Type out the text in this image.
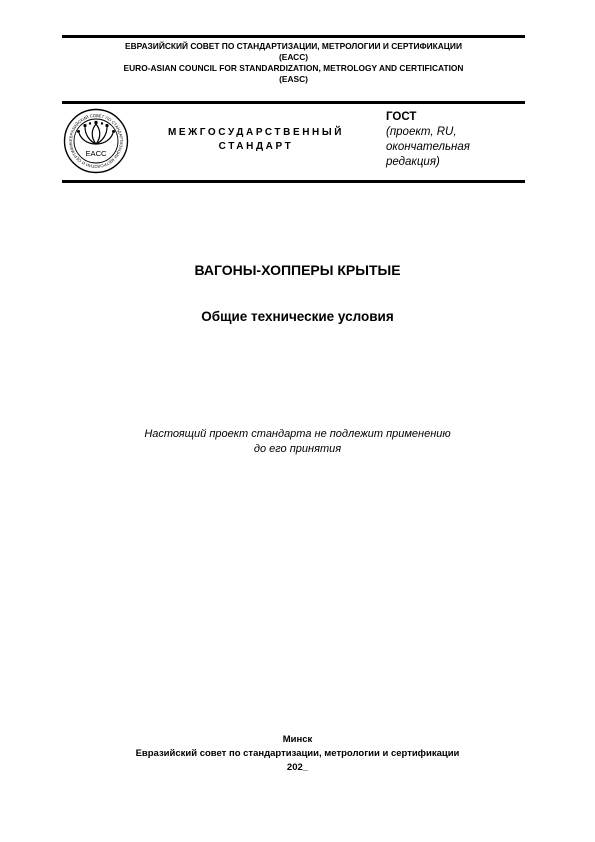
ЕВРАЗИЙСКИЙ СОВЕТ ПО СТАНДАРТИЗАЦИИ, МЕТРОЛОГИИ И СЕРТИФИКАЦИИ
(ЕАСС)
EURO-ASIAN COUNCIL FOR STANDARDIZATION, METROLOGY AND CERTIFICATION
(EASC)
ЕВРАЗИЙСКИЙ СОВЕТ ПО СТАНДАРТИЗАЦИИ МЕТРОЛОГИИ И СЕРТИФИК
EACC
МЕЖГОСУДАРСТВЕННЫЙ
СТАНДАРТ
ГОСТ
(проект, RU,
окончательная
редакция)
ВАГОНЫ-ХОППЕРЫ КРЫТЫЕ
Общие технические условия
Настоящий проект стандарта не подлежит применению
до его принятия
Минск
Евразийский совет по стандартизации, метрологии и сертификации
202_
